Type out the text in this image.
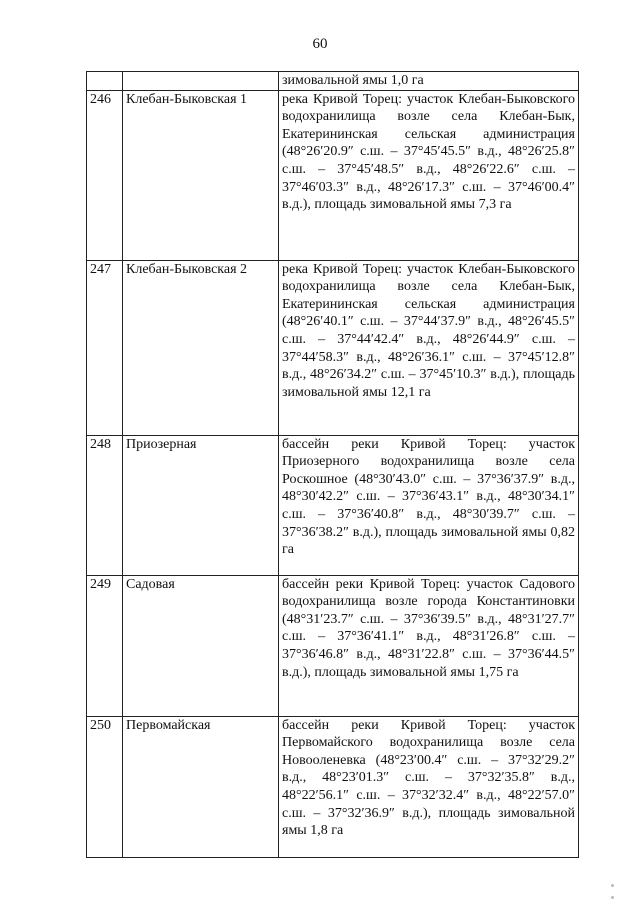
60
		зимовальной ямы 1,0 га
246	Клебан-Быковская 1	река Кривой Торец: участок Клебан-Быковского водохранилища возле села Клебан-Бык, Екатерининская сельская администрация (48°26′20.9″ с.ш. – 37°45′45.5″ в.д., 48°26′25.8″ с.ш. – 37°45′48.5″ в.д., 48°26′22.6″ с.ш. – 37°46′03.3″ в.д., 48°26′17.3″ с.ш. – 37°46′00.4″ в.д.), площадь зимовальной ямы 7,3 га
247	Клебан-Быковская 2	река Кривой Торец: участок Клебан-Быковского водохранилища возле села Клебан-Бык, Екатерининская сельская администрация (48°26′40.1″ с.ш. – 37°44′37.9″ в.д., 48°26′45.5″ с.ш. – 37°44′42.4″ в.д., 48°26′44.9″ с.ш. – 37°44′58.3″ в.д., 48°26′36.1″ с.ш. – 37°45′12.8″ в.д., 48°26′34.2″ с.ш. – 37°45′10.3″ в.д.), площадь зимовальной ямы 12,1 га
248	Приозерная	бассейн реки Кривой Торец: участок Приозерного водохранилища возле села Роскошное (48°30′43.0″ с.ш. – 37°36′37.9″ в.д., 48°30′42.2″ с.ш. – 37°36′43.1″ в.д., 48°30′34.1″ с.ш. – 37°36′40.8″ в.д., 48°30′39.7″ с.ш. – 37°36′38.2″ в.д.), площадь зимовальной ямы 0,82 га
249	Садовая	бассейн реки Кривой Торец: участок Садового водохранилища возле города Константиновки (48°31′23.7″ с.ш. – 37°36′39.5″ в.д., 48°31′27.7″ с.ш. – 37°36′41.1″ в.д., 48°31′26.8″ с.ш. – 37°36′46.8″ в.д., 48°31′22.8″ с.ш. – 37°36′44.5″ в.д.), площадь зимовальной ямы 1,75 га
250	Первомайская	бассейн реки Кривой Торец: участок Первомайского водохранилища возле села Новооленевка (48°23′00.4″ с.ш. – 37°32′29.2″ в.д., 48°23′01.3″ с.ш. – 37°32′35.8″ в.д., 48°22′56.1″ с.ш. – 37°32′32.4″ в.д., 48°22′57.0″ с.ш. – 37°32′36.9″ в.д.), площадь зимовальной ямы 1,8 га
